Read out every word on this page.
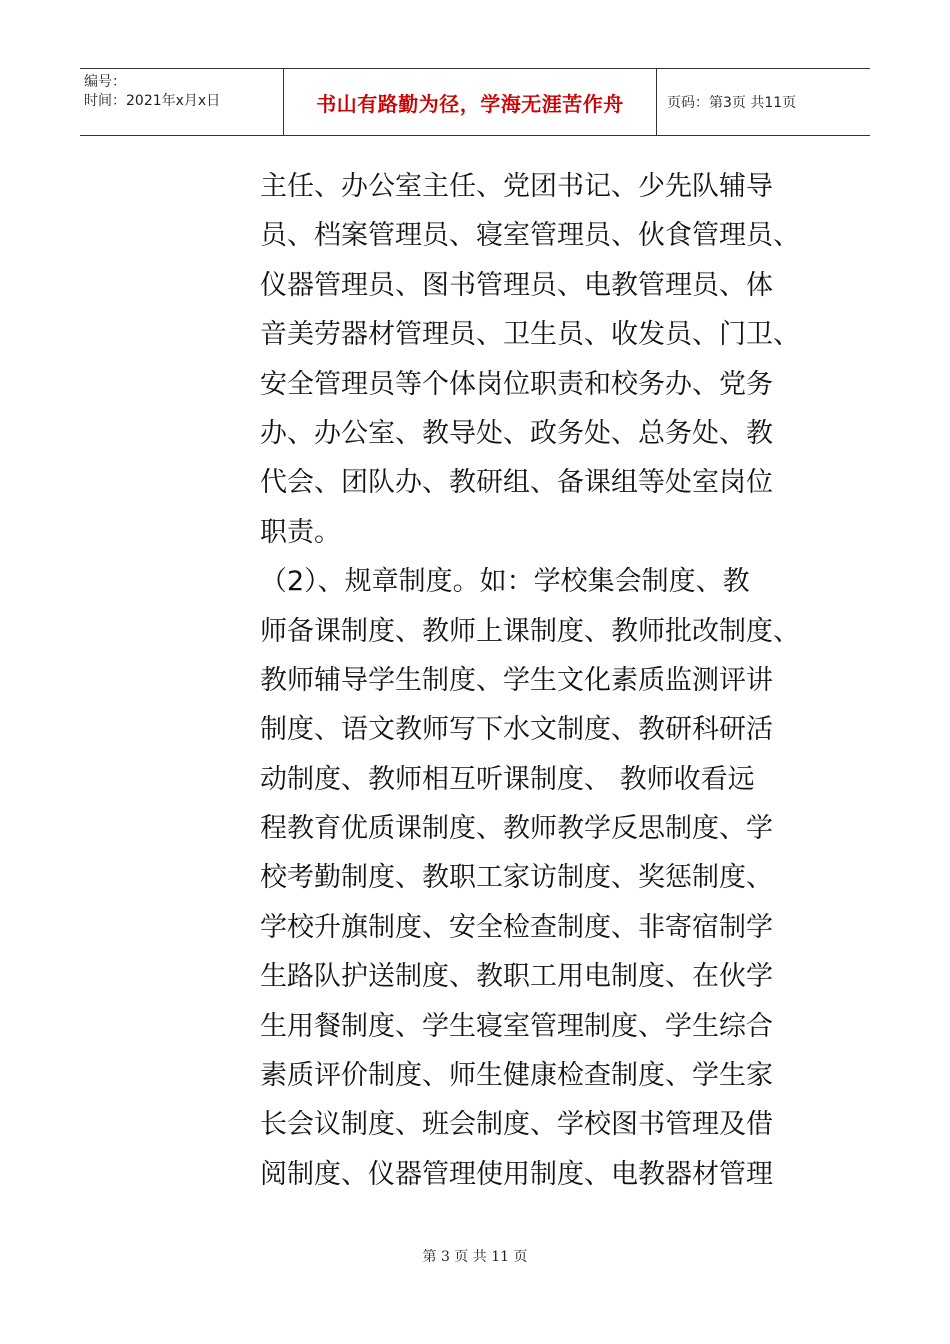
编号：
时间：2021年x月x日	书山有路勤为径，学海无涯苦作舟	页码：第3页 共11页
主任、办公室主任、党团书记、少先队辅导
员、档案管理员、寝室管理员、伙食管理员、
仪器管理员、图书管理员、电教管理员、体
音美劳器材管理员、卫生员、收发员、门卫、
安全管理员等个体岗位职责和校务办、党务
办、办公室、教导处、政务处、总务处、教
代会、团队办、教研组、备课组等处室岗位
职责。
（2）、规章制度。如：学校集会制度、教
师备课制度、教师上课制度、教师批改制度、
教师辅导学生制度、学生文化素质监测评讲
制度、语文教师写下水文制度、教研科研活
动制度、教师相互听课制度、 教师收看远
程教育优质课制度、教师教学反思制度、学
校考勤制度、教职工家访制度、奖惩制度、
学校升旗制度、安全检查制度、非寄宿制学
生路队护送制度、教职工用电制度、在伙学
生用餐制度、学生寝室管理制度、学生综合
素质评价制度、师生健康检查制度、学生家
长会议制度、班会制度、学校图书管理及借
阅制度、仪器管理使用制度、电教器材管理
第 3 页 共 11 页
